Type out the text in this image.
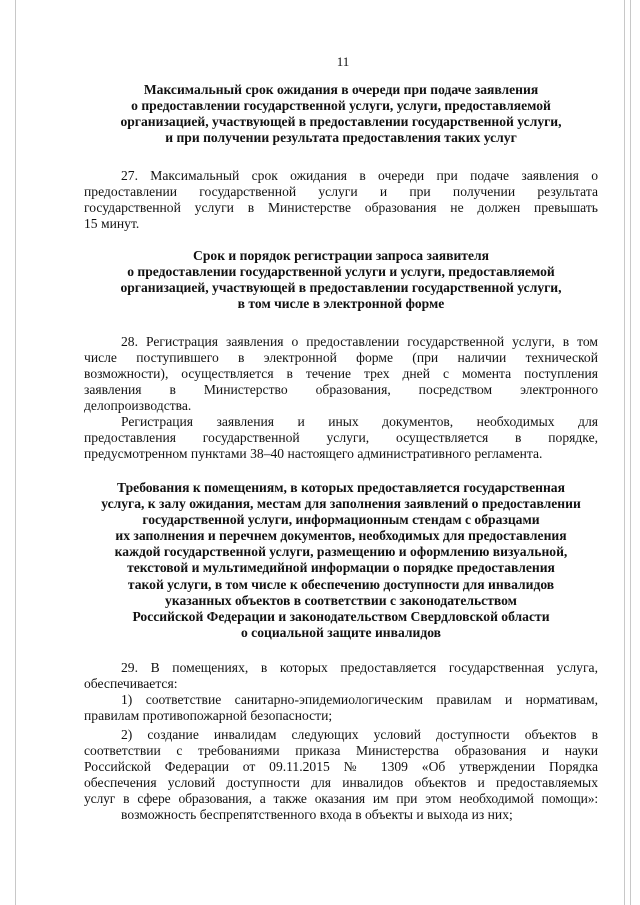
11
Максимальный срок ожидания в очереди при подаче заявления
о предоставлении государственной услуги, услуги, предоставляемой
организацией, участвующей в предоставлении государственной услуги,
и при получении результата предоставления таких услуг
27. Максимальный срок ожидания в очереди при подаче заявления о
предоставлении государственной услуги и при получении результата
государственной услуги в Министерстве образования не должен превышать
15 минут.
Срок и порядок регистрации запроса заявителя
о предоставлении государственной услуги и услуги, предоставляемой
организацией, участвующей в предоставлении государственной услуги,
в том числе в электронной форме
28. Регистрация заявления о предоставлении государственной услуги, в том
числе поступившего в электронной форме (при наличии технической
возможности), осуществляется в течение трех дней с момента поступления
заявления в Министерство образования, посредством электронного
делопроизводства.
Регистрация заявления и иных документов, необходимых для
предоставления государственной услуги, осуществляется в порядке,
предусмотренном пунктами 38–40 настоящего административного регламента.
Требования к помещениям, в которых предоставляется государственная
услуга, к залу ожидания, местам для заполнения заявлений о предоставлении
государственной услуги, информационным стендам с образцами
их заполнения и перечнем документов, необходимых для предоставления
каждой государственной услуги, размещению и оформлению визуальной,
текстовой и мультимедийной информации о порядке предоставления
такой услуги, в том числе к обеспечению доступности для инвалидов
указанных объектов в соответствии с законодательством
Российской Федерации и законодательством Свердловской области
о социальной защите инвалидов
29. В помещениях, в которых предоставляется государственная услуга,
обеспечивается:
1) соответствие санитарно-эпидемиологическим правилам и нормативам,
правилам противопожарной безопасности;
2) создание инвалидам следующих условий доступности объектов в
соответствии с требованиями приказа Министерства образования и науки
Российской Федерации от 09.11.2015 № 1309 «Об утверждении Порядка
обеспечения условий доступности для инвалидов объектов и предоставляемых
услуг в сфере образования, а также оказания им при этом необходимой помощи»:
возможность беспрепятственного входа в объекты и выхода из них;
